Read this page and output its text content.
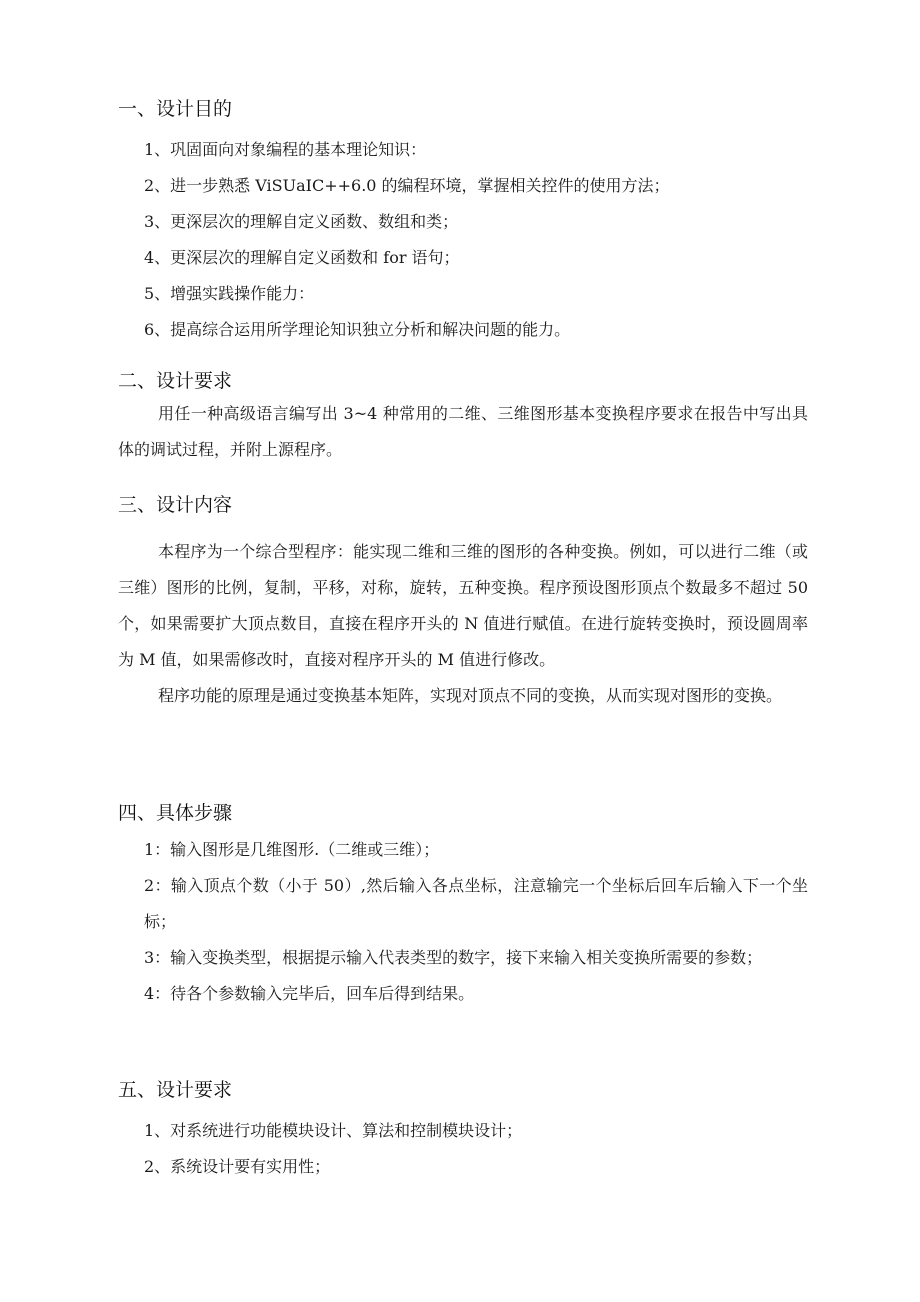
一、设计目的

1、巩固面向对象编程的基本理论知识：

2、进一步熟悉 ViSUaIC++6.0 的编程环境，掌握相关控件的使用方法；

3、更深层次的理解自定义函数、数组和类；

4、更深层次的理解自定义函数和 for 语句；

5、增强实践操作能力：

6、提高综合运用所学理论知识独立分析和解决问题的能力。

二、设计要求

用任一种高级语言编写出 3~4 种常用的二维、三维图形基本变换程序要求在报告中写出具体的调试过程，并附上源程序。

三、设计内容

本程序为一个综合型程序：能实现二维和三维的图形的各种变换。例如，可以进行二维（或三维）图形的比例，复制，平移，对称，旋转，五种变换。程序预设图形顶点个数最多不超过 50 个，如果需要扩大顶点数目，直接在程序开头的 N 值进行赋值。在进行旋转变换时，预设圆周率为 M 值，如果需修改时，直接对程序开头的 M 值进行修改。

程序功能的原理是通过变换基本矩阵，实现对顶点不同的变换，从而实现对图形的变换。

四、具体步骤

1：输入图形是几维图形.（二维或三维）；

2：输入顶点个数（小于 50）,然后输入各点坐标，注意输完一个坐标后回车后输入下一个坐标；

3：输入变换类型，根据提示输入代表类型的数字，接下来输入相关变换所需要的参数；

4：待各个参数输入完毕后，回车后得到结果。

五、设计要求

1、对系统进行功能模块设计、算法和控制模块设计；

2、系统设计要有实用性；
